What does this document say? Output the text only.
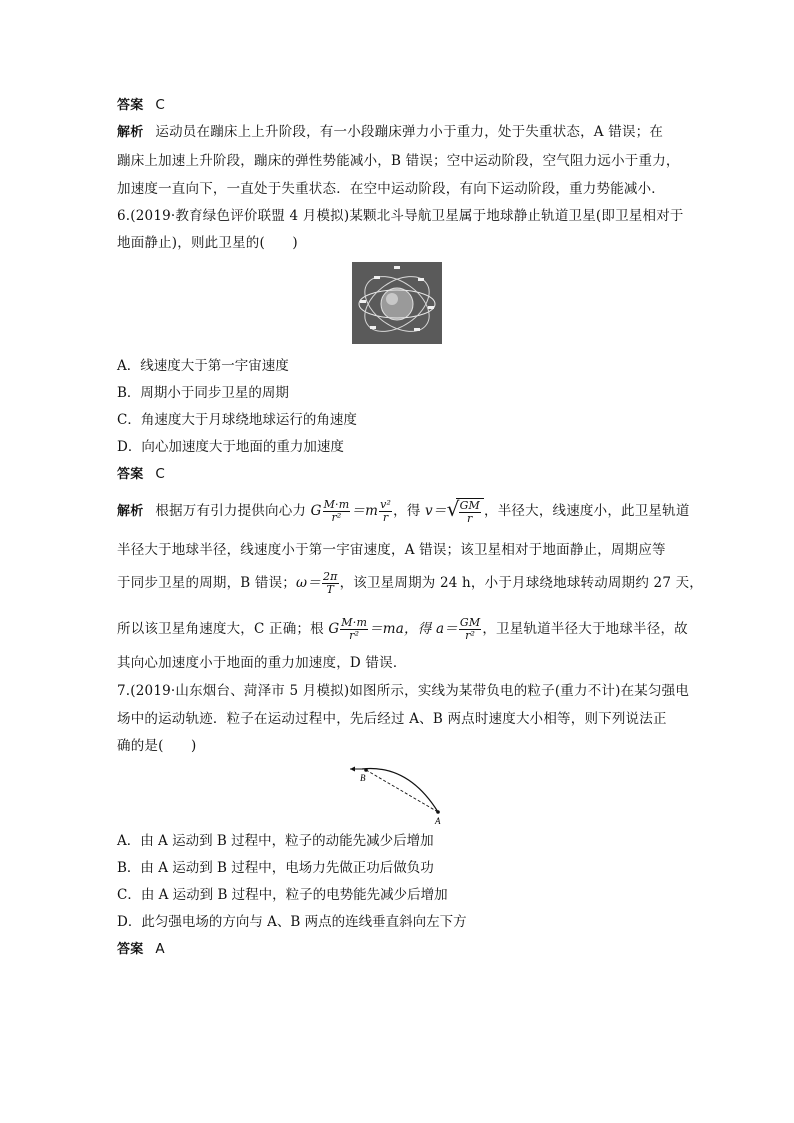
答案 C
解析 运动员在蹦床上上升阶段，有一小段蹦床弹力小于重力，处于失重状态，A 错误；在
蹦床上加速上升阶段，蹦床的弹性势能减小，B 错误；空中运动阶段，空气阻力远小于重力，
加速度一直向下，一直处于失重状态．在空中运动阶段，有向下运动阶段，重力势能减小．
6.(2019·教育绿色评价联盟 4 月模拟)某颗北斗导航卫星属于地球静止轨道卫星(即卫星相对于
地面静止)，则此卫星的(　　)
A．线速度大于第一宇宙速度
B．周期小于同步卫星的周期
C．角速度大于月球绕地球运行的角速度
D．向心加速度大于地面的重力加速度
答案 C
解析 根据万有引力提供向心力 G $\frac{M\cdot m}{\text{r²}} =m \frac{\text{v²}}{r}$ ，得 v＝ √ $\frac{GM}{r}$ ，半径大，线速度小，此卫星轨道
半径大于地球半径，线速度小于第一宇宙速度，A 错误；该卫星相对于地面静止，周期应等
于同步卫星的周期，B 错误；$\omega= \frac{2\pi}{T}$ ，该卫星周期为 24 h，小于月球绕地球转动周期约 27 天，
所以该卫星角速度大，C 正确；根 G $\frac{M\cdot m}{\text{r²}} =ma$，得 $a= \frac{GM}{\text{r²}}$ ，卫星轨道半径大于地球半径，故
其向心加速度小于地面的重力加速度，D 错误．
7.(2019·山东烟台、菏泽市 5 月模拟)如图所示，实线为某带负电的粒子(重力不计)在某匀强电
场中的运动轨迹．粒子在运动过程中，先后经过 A、B 两点时速度大小相等，则下列说法正
确的是(　　)
B
A
A．由 A 运动到 B 过程中，粒子的动能先减少后增加
B．由 A 运动到 B 过程中，电场力先做正功后做负功
C．由 A 运动到 B 过程中，粒子的电势能先减少后增加
D．此匀强电场的方向与 A、B 两点的连线垂直斜向左下方
答案 A
